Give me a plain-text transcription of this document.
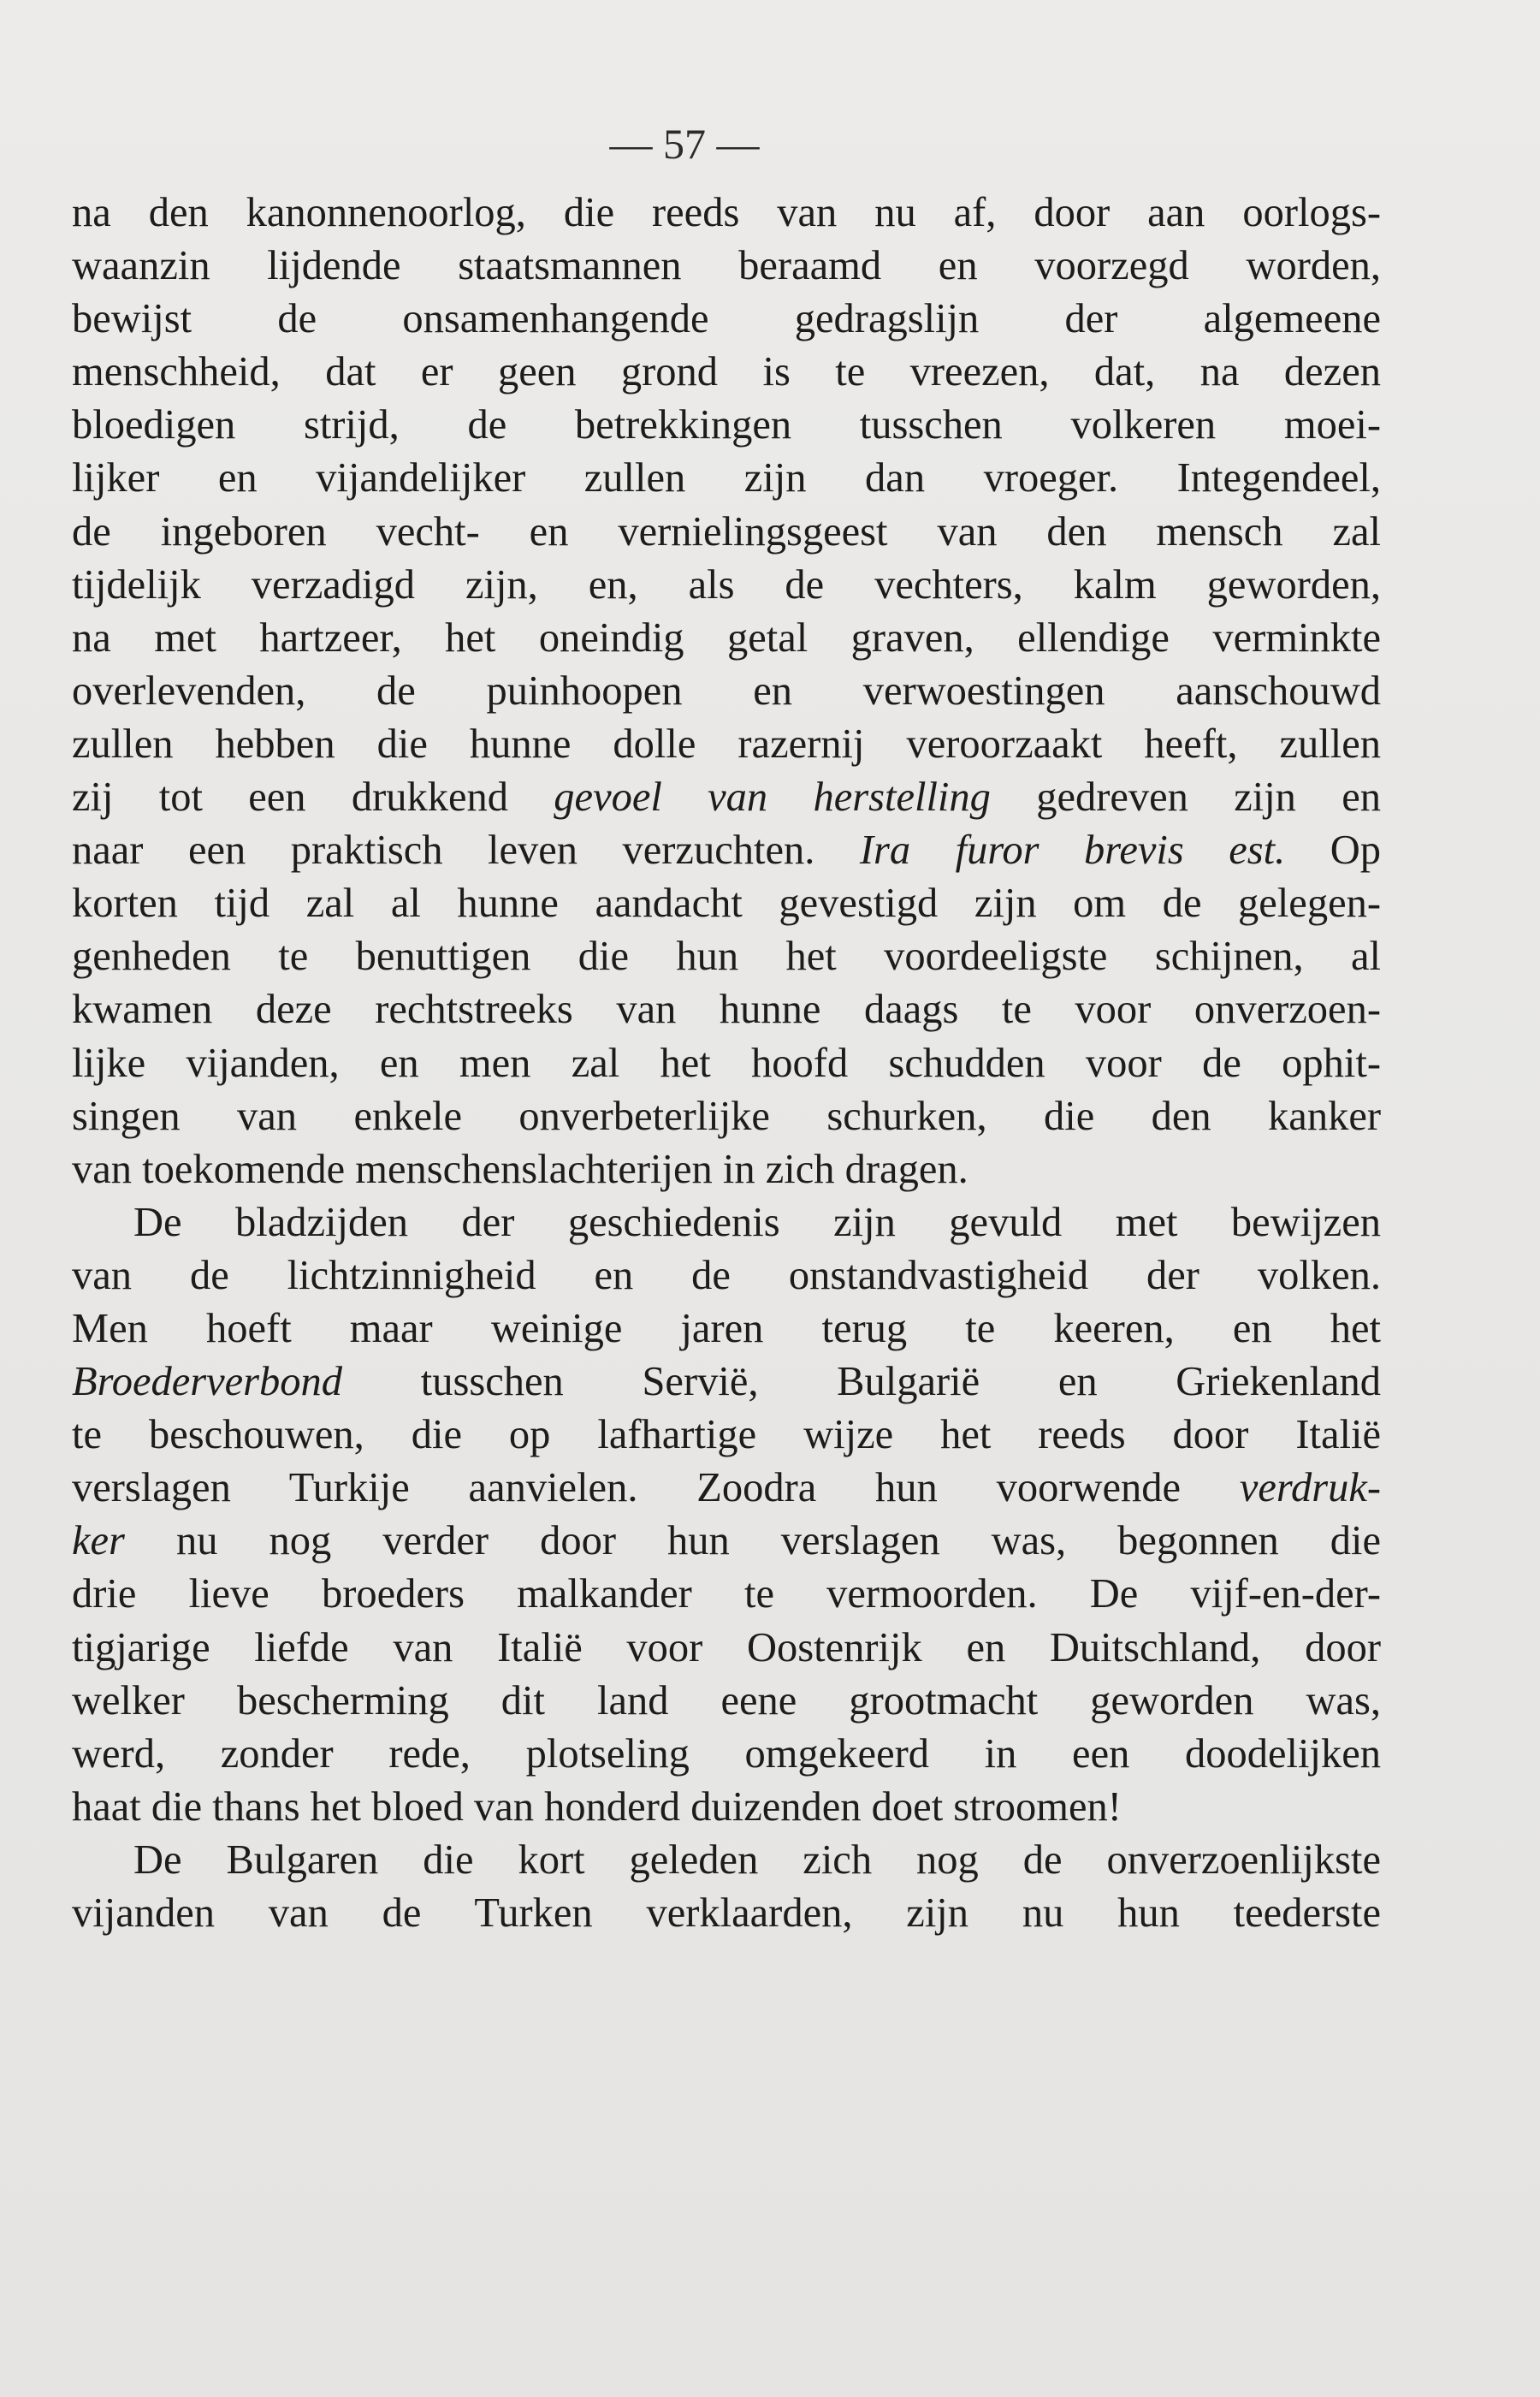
— 57 —
na den kanonnenoorlog, die reeds van nu af, door aan oorlogs-
waanzin lijdende staatsmannen beraamd en voorzegd worden,
bewijst de onsamenhangende gedragslijn der algemeene
menschheid, dat er geen grond is te vreezen, dat, na dezen
bloedigen strijd, de betrekkingen tusschen volkeren moei-
lijker en vijandelijker zullen zijn dan vroeger. Integendeel,
de ingeboren vecht- en vernielingsgeest van den mensch zal
tijdelijk verzadigd zijn, en, als de vechters, kalm geworden,
na met hartzeer, het oneindig getal graven, ellendige verminkte
overlevenden, de puinhoopen en verwoestingen aanschouwd
zullen hebben die hunne dolle razernij veroorzaakt heeft, zullen
zij tot een drukkend gevoel van herstelling gedreven zijn en
naar een praktisch leven verzuchten. Ira furor brevis est. Op
korten tijd zal al hunne aandacht gevestigd zijn om de gelegen-
genheden te benuttigen die hun het voordeeligste schijnen, al
kwamen deze rechtstreeks van hunne daags te voor onverzoen-
lijke vijanden, en men zal het hoofd schudden voor de ophit-
singen van enkele onverbeterlijke schurken, die den kanker
van toekomende menschenslachterijen in zich dragen.
De bladzijden der geschiedenis zijn gevuld met bewijzen
van de lichtzinnigheid en de onstandvastigheid der volken.
Men hoeft maar weinige jaren terug te keeren, en het
Broederverbond tusschen Servië, Bulgarië en Griekenland
te beschouwen, die op lafhartige wijze het reeds door Italië
verslagen Turkije aanvielen. Zoodra hun voorwende verdruk-
ker nu nog verder door hun verslagen was, begonnen die
drie lieve broeders malkander te vermoorden. De vijf-en-der-
tigjarige liefde van Italië voor Oostenrijk en Duitschland, door
welker bescherming dit land eene grootmacht geworden was,
werd, zonder rede, plotseling omgekeerd in een doodelijken
haat die thans het bloed van honderd duizenden doet stroomen!
De Bulgaren die kort geleden zich nog de onverzoenlijkste
vijanden van de Turken verklaarden, zijn nu hun teederste
